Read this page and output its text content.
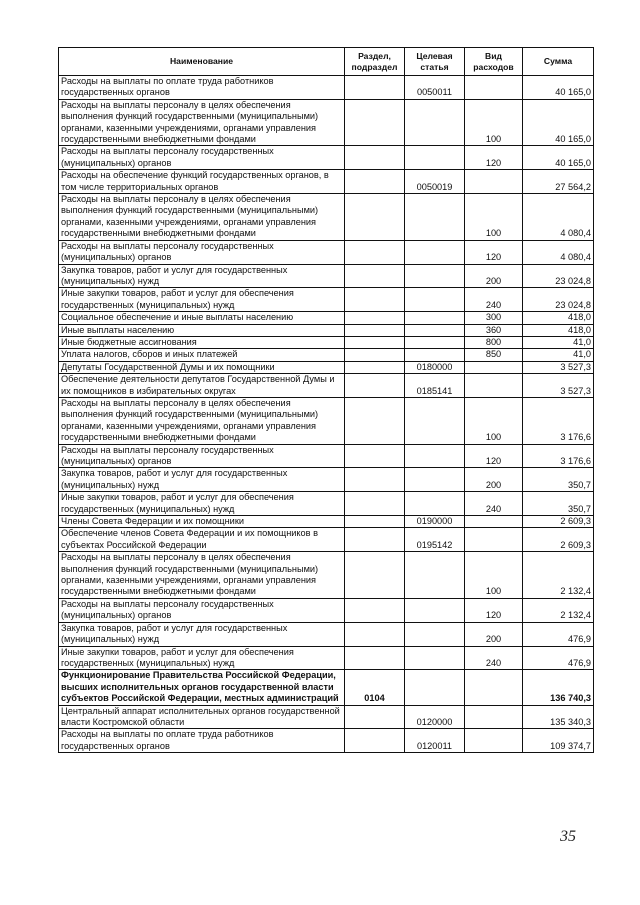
Наименование	Раздел, подраздел	Целевая статья	Вид расходов	Сумма
Расходы на выплаты по оплате труда работников государственных органов		0050011		40 165,0
Расходы на выплаты персоналу в целях обеспечения выполнения функций государственными (муниципальными) органами, казенными учреждениями, органами управления государственными внебюджетными фондами			100	40 165,0
Расходы на выплаты персоналу государственных (муниципальных) органов			120	40 165,0
Расходы на обеспечение функций государственных органов, в том числе территориальных органов		0050019		27 564,2
Расходы на выплаты персоналу в целях обеспечения выполнения функций государственными (муниципальными) органами, казенными учреждениями, органами управления государственными внебюджетными фондами			100	4 080,4
Расходы на выплаты персоналу государственных (муниципальных) органов			120	4 080,4
Закупка товаров, работ и услуг для государственных (муниципальных) нужд			200	23 024,8
Иные закупки товаров, работ и услуг для обеспечения государственных (муниципальных) нужд			240	23 024,8
Социальное обеспечение и иные выплаты населению			300	418,0
Иные выплаты населению			360	418,0
Иные бюджетные ассигнования			800	41,0
Уплата налогов, сборов и иных платежей			850	41,0
Депутаты Государственной Думы и их помощники		0180000		3 527,3
Обеспечение деятельности депутатов Государственной Думы и их помощников в избирательных округах		0185141		3 527,3
Расходы на выплаты персоналу в целях обеспечения выполнения функций государственными (муниципальными) органами, казенными учреждениями, органами управления государственными внебюджетными фондами			100	3 176,6
Расходы на выплаты персоналу государственных (муниципальных) органов			120	3 176,6
Закупка товаров, работ и услуг для государственных (муниципальных) нужд			200	350,7
Иные закупки товаров, работ и услуг для обеспечения государственных (муниципальных) нужд			240	350,7
Члены Совета Федерации и их помощники		0190000		2 609,3
Обеспечение членов Совета Федерации и их помощников в субъектах Российской Федерации		0195142		2 609,3
Расходы на выплаты персоналу в целях обеспечения выполнения функций государственными (муниципальными) органами, казенными учреждениями, органами управления государственными внебюджетными фондами			100	2 132,4
Расходы на выплаты персоналу государственных (муниципальных) органов			120	2 132,4
Закупка товаров, работ и услуг для государственных (муниципальных) нужд			200	476,9
Иные закупки товаров, работ и услуг для обеспечения государственных (муниципальных) нужд			240	476,9
Функционирование Правительства Российской Федерации, высших исполнительных органов государственной власти субъектов Российской Федерации, местных администраций	0104			136 740,3
Центральный аппарат исполнительных органов государственной власти Костромской области		0120000		135 340,3
Расходы на выплаты по оплате труда работников государственных органов		0120011		109 374,7
35
